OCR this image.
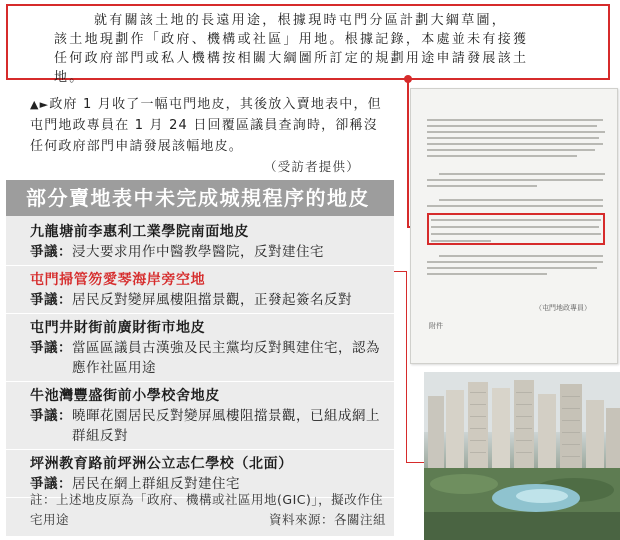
就有關該土地的長遠用途，根據現時屯門分區計劃大綱草圖，
該土地現劃作「政府、機構或社區」用地。根據記錄，本處並未有接獲
任何政府部門或私人機構按相關大綱圖所訂定的規劃用途申請發展該土
地。
▲►政府 1 月收了一幅屯門地皮，其後放入賣地表中，但屯門地政專員在 1 月 24 日回覆區議員查詢時，卻稱沒任何政府部門申請發展該幅地皮。
（受訪者提供）
（屯門地政專員）
附件
部分賣地表中未完成城規程序的地皮
九龍塘前李惠利工業學院南面地皮
爭議： 浸大要求用作中醫教學醫院，反對建住宅
屯門掃管笏愛琴海岸旁空地
爭議： 居民反對變屏風樓阻擋景觀，正發起簽名反對
屯門井財街前廣財街市地皮
爭議： 當區區議員古漢強及民主黨均反對興建住宅，認為應作社區用途
牛池灣豐盛街前小學校舍地皮
爭議： 曉暉花園居民反對變屏風樓阻擋景觀，已組成網上群組反對
坪洲教育路前坪洲公立志仁學校（北面）
爭議： 居民在網上群組反對建住宅
註：上述地皮原為「政府、機構或社區用地(GIC)」，擬改作住宅用途	資料來源：各關注組
